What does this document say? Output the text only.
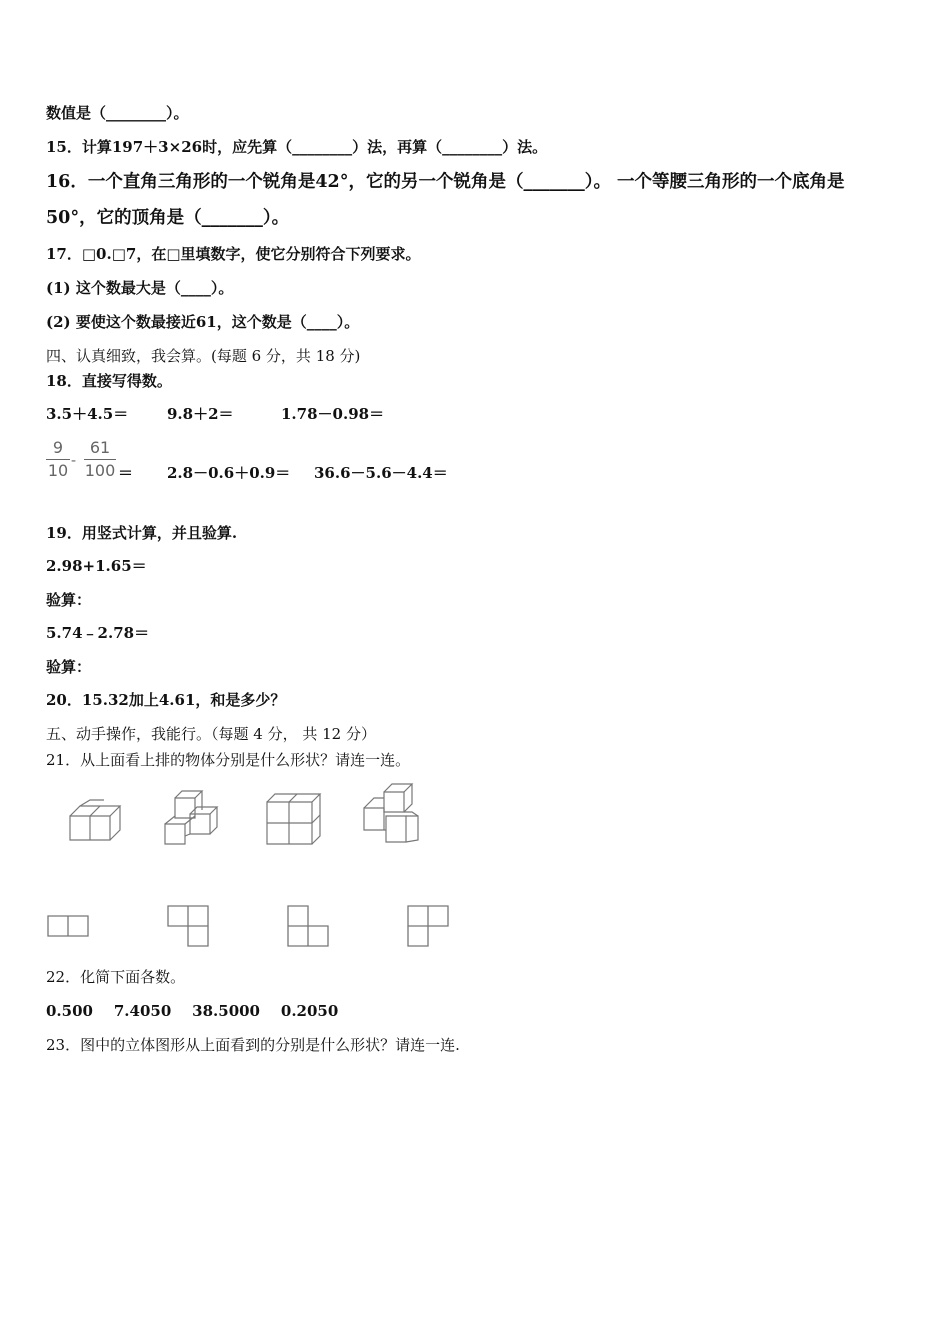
数值是（________）。
15．计算197＋3×26时，应先算（________）法，再算（________）法。
16．一个直角三角形的一个锐角是42°，它的另一个锐角是（_______）。 一个等腰三角形的一个底角是
50°，它的顶角是（_______）。
17．□0.□7，在□里填数字，使它分别符合下列要求。
(1) 这个数最大是（____）。
(2) 要使这个数最接近61，这个数是（____）。
四、认真细致，我会算。(每题 6 分，共 18 分)
18．直接写得数。
3.5＋4.5＝	9.8＋2＝	1.78－0.98＝
9
10
-
61
100 ＝ 2.8－0.6＋0.9＝ 36.6－5.6－4.4＝
19．用竖式计算，并且验算.
2.98+1.65＝
验算：
5.74﹣2.78＝
验算：
20．15.32加上4.61，和是多少？
五、动手操作，我能行。（每题 4 分， 共 12 分）
21．从上面看上排的物体分别是什么形状？请连一连。
22．化简下面各数。
0.500    7.4050    38.5000    0.2050
23．图中的立体图形从上面看到的分别是什么形状？请连一连.
